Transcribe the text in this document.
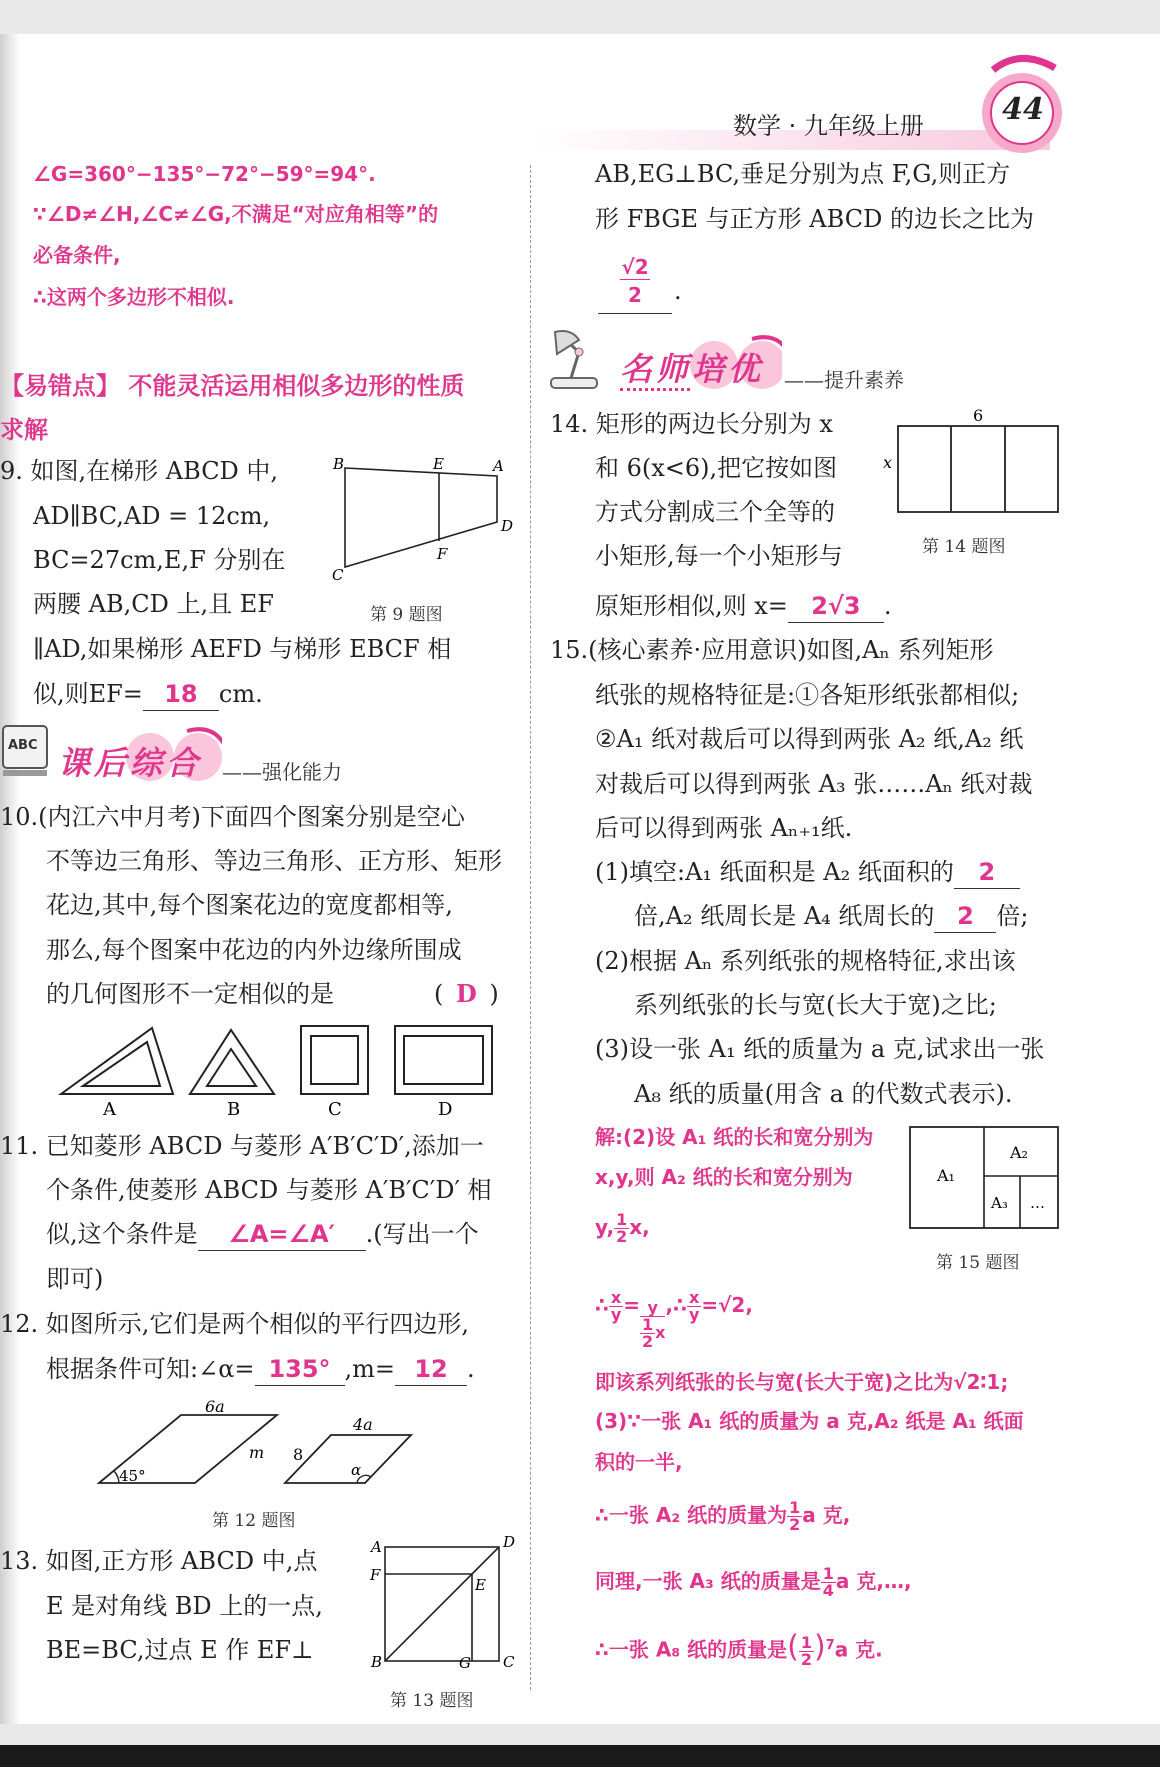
数学 · 九年级上册	44
∠G=360°−135°−72°−59°=94°.
∵∠D≠∠H,∠C≠∠G,不满足“对应角相等”的
必备条件,
∴这两个多边形不相似.
【易错点】 不能灵活运用相似多边形的性质
求解
9. 如图,在梯形 ABCD 中,
AD∥BC,AD = 12cm,
BC=27cm,E,F 分别在
两腰 AB,CD 上,且 EF
∥AD,如果梯形 AEFD 与梯形 EBCF 相
似,则EF= 18 cm.
B	E	A
D
F
C
第 9 题图
ABC 课后综合 ——强化能力
10.(内江六中月考)下面四个图案分别是空心
不等边三角形、等边三角形、正方形、矩形
花边,其中,每个图案花边的宽度都相等,
那么,每个图案中花边的内外边缘所围成
的几何图形不一定相似的是	( D )
A	B	C	D
11. 已知菱形 ABCD 与菱形 A′B′C′D′,添加一
个条件,使菱形 ABCD 与菱形 A′B′C′D′ 相
似,这个条件是 ∠A=∠A′ .(写出一个
即可)
12. 如图所示,它们是两个相似的平行四边形,
根据条件可知:∠α= 135° ,m= 12 .
6a
4a
m 8
45°	α
第 12 题图
13. 如图,正方形 ABCD 中,点
E 是对角线 BD 上的一点,
BE=BC,过点 E 作 EF⊥
A	D
F
E
B	G C
第 13 题图
AB,EG⊥BC,垂足分别为点 F,G,则正方
形 FBGE 与正方形 ABCD 的边长之比为
$\frac{√2}{2}$ .
名师培优 ——提升素养
14. 矩形的两边长分别为 x
和 6(x<6),把它按如图
方式分割成三个全等的
小矩形,每一个小矩形与
原矩形相似,则 x= 2√3 .
6
x
第 14 题图
15.(核心素养·应用意识)如图,Aₙ 系列矩形
纸张的规格特征是:①各矩形纸张都相似;
②A₁ 纸对裁后可以得到两张 A₂ 纸,A₂ 纸
对裁后可以得到两张 A₃ 张……Aₙ 纸对裁
后可以得到两张 Aₙ₊₁纸.
(1)填空:A₁ 纸面积是 A₂ 纸面积的 2
倍,A₂ 纸周长是 A₄ 纸周长的 2 倍;
(2)根据 Aₙ 系列纸张的规格特征,求出该
系列纸张的长与宽(长大于宽)之比;
(3)设一张 A₁ 纸的质量为 a 克,试求出一张
A₈ 纸的质量(用含 a 的代数式表示).
A₁
A₂
A₃ …
第 15 题图
解:(2)设 A₁ 纸的长和宽分别为
x,y,则 A₂ 纸的长和宽分别为
y, $\frac{1}{2} x$,
∴ $\frac{x}{y} = \frac{y}{\frac{1}{2} x}$ ,∴ $\frac{x}{y} =√2$,
即该系列纸张的长与宽(长大于宽)之比为√2∶1;
(3)∵一张 A₁ 纸的质量为 a 克,A₂ 纸是 A₁ 纸面
积的一半,
∴一张 A₂ 纸的质量为 $\frac{1}{2}$ a 克,
同理,一张 A₃ 纸的质量是 $\frac{1}{4}$ a 克,…,
∴一张 A₈ 纸的质量是( $\frac{1}{2} )^7a$ 克.
